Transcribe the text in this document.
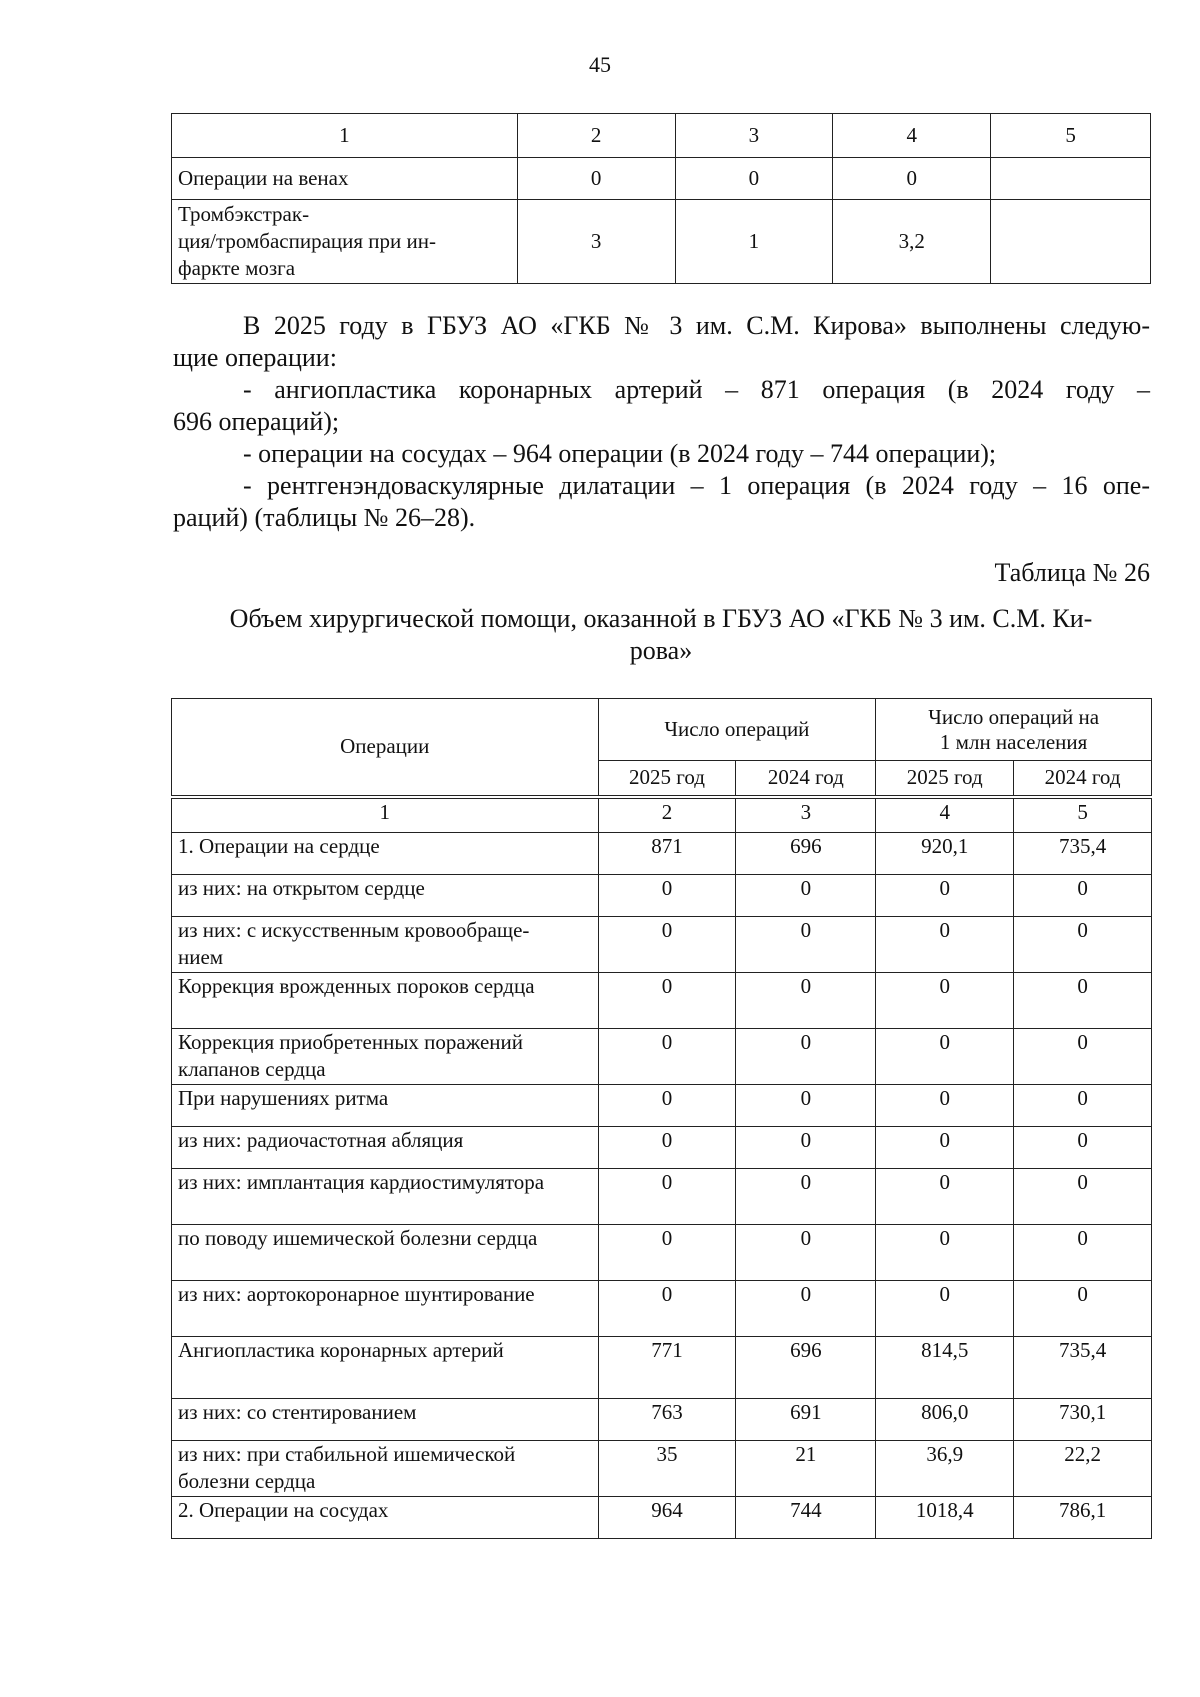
45
1	2	3	4	5
Операции на венах	0	0	0	

Тромбэкстрак-
ция/тромбаспирация при ин-
фаркте мозга	3	1	3,2	
В 2025 году в ГБУЗ АО «ГКБ № 3 им. С.М. Кирова» выполнены следую-
щие операции:
- ангиопластика коронарных артерий – 871 операция (в 2024 году –
696 операций);
- операции на сосудах – 964 операции (в 2024 году – 744 операции);
- рентгенэндоваскулярные дилатации – 1 операция (в 2024 году – 16 опе-
раций) (таблицы № 26–28).
Таблица № 26
Объем хирургической помощи, оказанной в ГБУЗ АО «ГКБ № 3 им. С.М. Ки-
рова»
Операции	Число операций		Число операций на
1 млн населения	

	2025 год	2024 год	2025 год	2024 год
1	2	3	4	5

1. Операции на сердце	871	696	920,1	735,4

из них: на открытом сердце	0	0	0	0

из них: с искусственным кровообраще-
нием	0	0	0	0

Коррекция врожденных пороков сердца	0	0	0	0

Коррекция приобретенных поражений
клапанов сердца	0	0	0	0

При нарушениях ритма	0	0	0	0

из них: радиочастотная абляция	0	0	0	0

из них: имплантация кардиостимулятора	0	0	0	0

по поводу ишемической болезни сердца	0	0	0	0

из них: аортокоронарное шунтирование	0	0	0	0

Ангиопластика коронарных артерий	771	696	814,5	735,4

из них: со стентированием	763	691	806,0	730,1

из них: при стабильной ишемической
болезни сердца	35	21	36,9	22,2

2. Операции на сосудах	964	744	1018,4	786,1
